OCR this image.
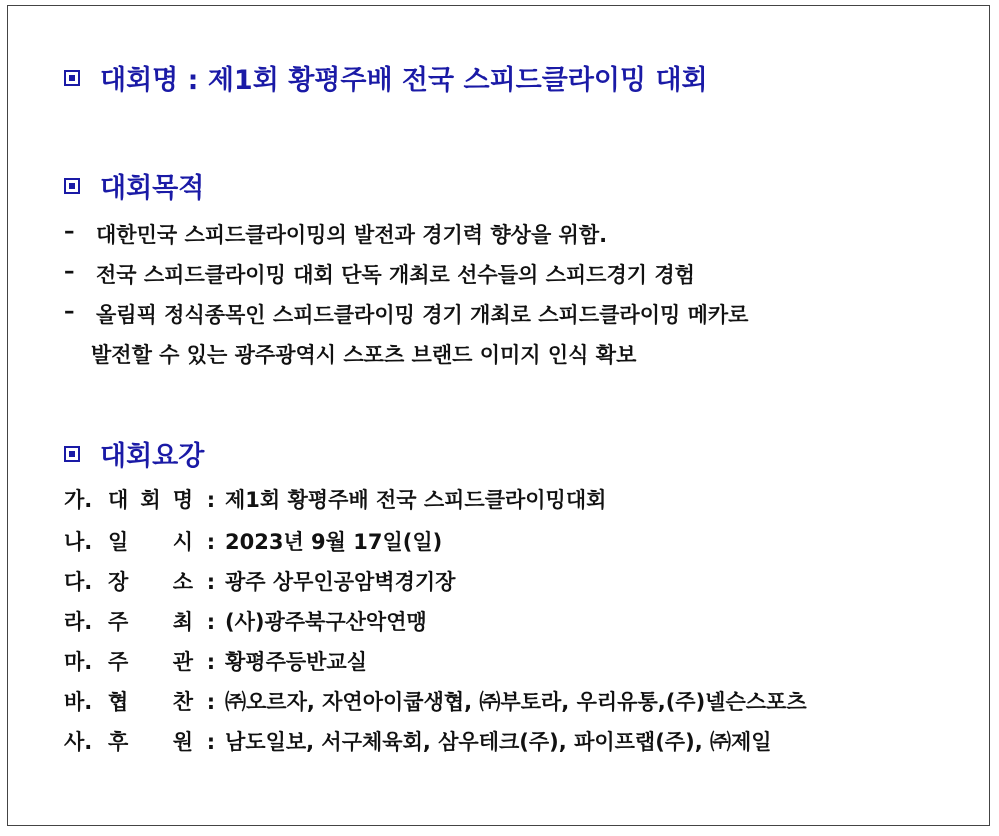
대회명 : 제1회 황평주배 전국 스피드클라이밍 대회
대회목적
–	대한민국 스피드클라이밍의 발전과 경기력 향상을 위함.
–	전국 스피드클라이밍 대회 단독 개최로 선수들의 스피드경기 경험
–	올림픽 정식종목인 스피드클라이밍 경기 개최로 스피드클라이밍 메카로
발전할 수 있는 광주광역시 스포츠 브랜드 이미지 인식 확보
대회요강
가. 대 회 명 : 제1회 황평주배 전국 스피드클라이밍대회
나. 일 시 : 2023년 9월 17일(일)
다. 장 소 : 광주 상무인공암벽경기장
라. 주 최 : (사)광주북구산악연맹
마. 주 관 : 황평주등반교실
바. 협 찬 : ㈜오르자, 자연아이쿱생협, ㈜부토라, 우리유통,(주)넬슨스포츠
사. 후 원 : 남도일보, 서구체육회, 삼우테크(주), 파이프랩(주), ㈜제일
